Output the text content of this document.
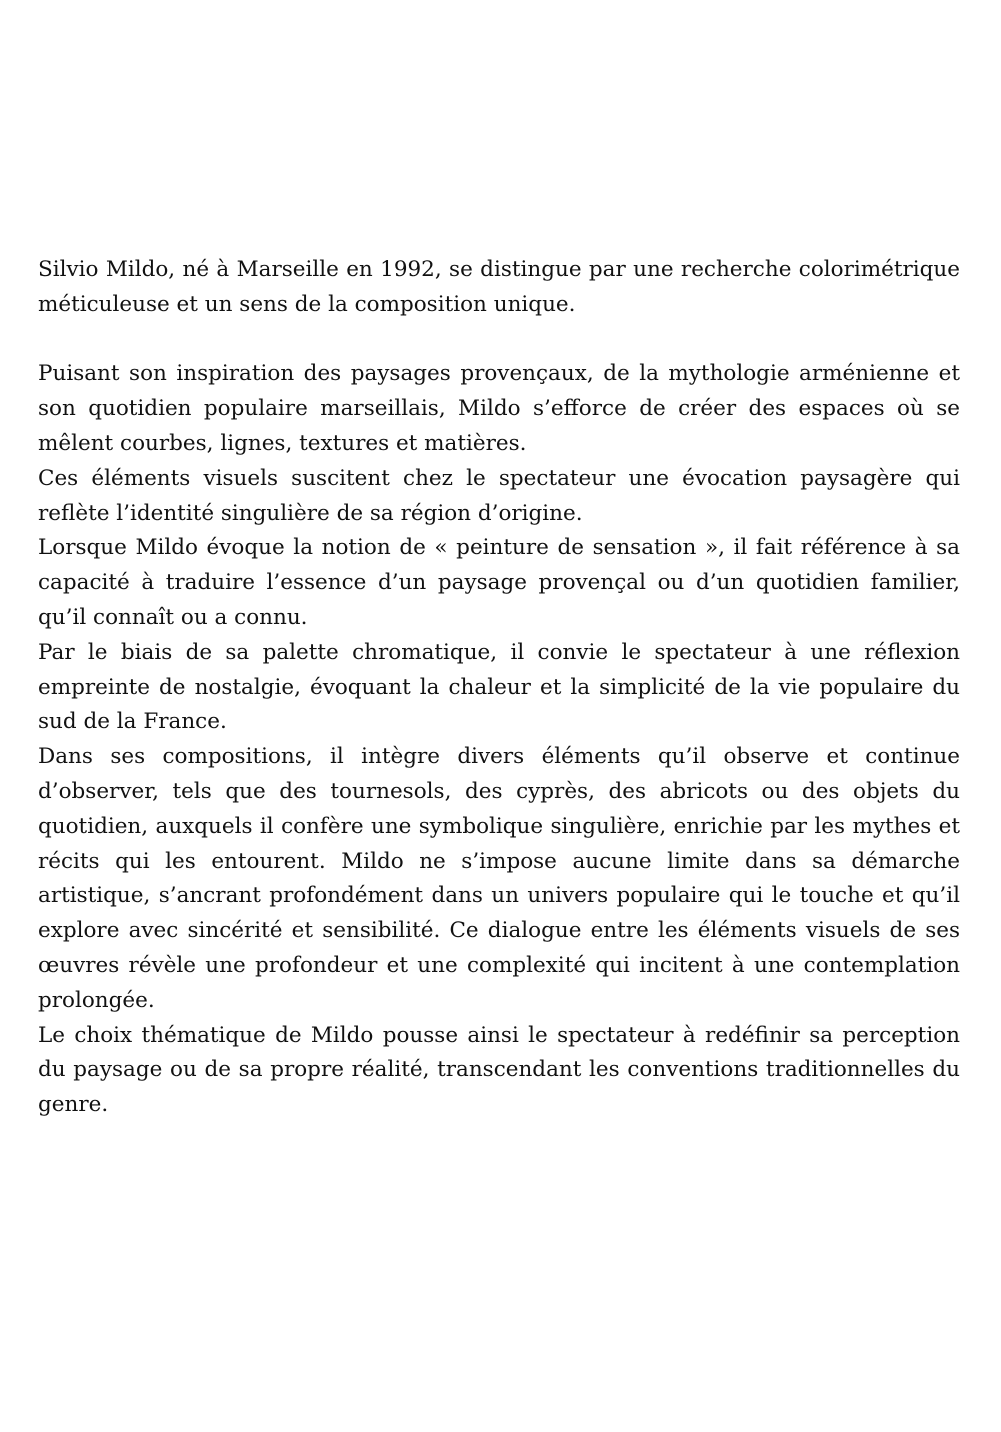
Silvio Mildo, né à Marseille en 1992, se distingue par une recherche colorimétrique méticuleuse et un sens de la composition unique.

Puisant son inspiration des paysages provençaux, de la mythologie arménienne et son quotidien populaire marseillais, Mildo s’efforce de créer des espaces où se mêlent courbes, lignes, textures et matières.

Ces éléments visuels suscitent chez le spectateur une évocation paysagère qui reflète l’identité singulière de sa région d’origine.

Lorsque Mildo évoque la notion de « peinture de sensation », il fait référence à sa capacité à traduire l’essence d’un paysage provençal ou d’un quotidien familier, qu’il connaît ou a connu.

Par le biais de sa palette chromatique, il convie le spectateur à une réflexion empreinte de nostalgie, évoquant la chaleur et la simplicité de la vie populaire du sud de la France.

Dans ses compositions, il intègre divers éléments qu’il observe et continue d’observer, tels que des tournesols, des cyprès, des abricots ou des objets du quotidien, auxquels il confère une symbolique singulière, enrichie par les mythes et récits qui les entourent. Mildo ne s’impose aucune limite dans sa démarche artistique, s’ancrant profondément dans un univers populaire qui le touche et qu’il explore avec sincérité et sensibilité. Ce dialogue entre les éléments visuels de ses œuvres révèle une profondeur et une complexité qui incitent à une contemplation prolongée.

Le choix thématique de Mildo pousse ainsi le spectateur à redéfinir sa perception du paysage ou de sa propre réalité, transcendant les conventions traditionnelles du genre.
